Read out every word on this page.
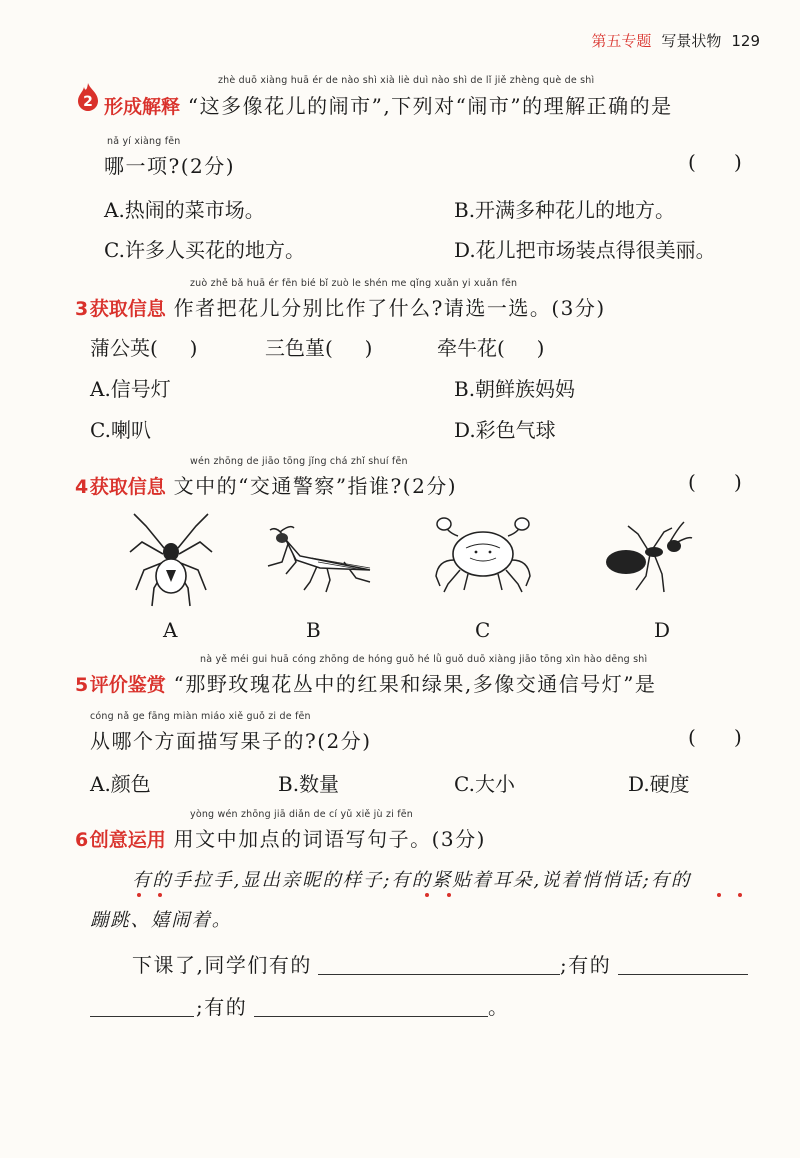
第五专题 写景状物 129
2
zhè duō xiàng huā ér de nào shì xià liè duì nào shì de lǐ jiě zhèng què de shì
形成解释 “这多像花儿的闹市”,下列对“闹市”的理解正确的是
nǎ yí xiàng fēn
哪一项?(2分)	(      )
A.热闹的菜市场。	B.开满多种花儿的地方。
C.许多人买花的地方。	D.花儿把市场装点得很美丽。
zuò zhě bǎ huā ér fēn bié bǐ zuò le shén me qǐng xuǎn yi xuǎn fēn
3获取信息 作者把花儿分别比作了什么?请选一选。(3分)
蒲公英(     )	三色堇(     )	牵牛花(     )
A.信号灯	B.朝鲜族妈妈
C.喇叭	D.彩色气球
wén zhōng de jiāo tōng jǐng chá zhǐ shuí fēn
4获取信息 文中的“交通警察”指谁?(2分)	(      )
A	B	C	D
nà yě méi gui huā cóng zhōng de hóng guǒ hé lǜ guǒ duō xiàng jiāo tōng xìn hào dēng shì
5评价鉴赏 “那野玫瑰花丛中的红果和绿果,多像交通信号灯”是
cóng nǎ ge fāng miàn miáo xiě guǒ zi de fēn
从哪个方面描写果子的?(2分)	(      )
A.颜色	B.数量	C.大小	D.硬度
yòng wén zhōng jiā diǎn de cí yǔ xiě jù zi fēn
6创意运用 用文中加点的词语写句子。(3分)
有的手拉手,显出亲昵的样子;有的紧贴着耳朵,说着悄悄话;有的
蹦跳、嬉闹着。
下课了,同学们有的	;有的
;有的	。
